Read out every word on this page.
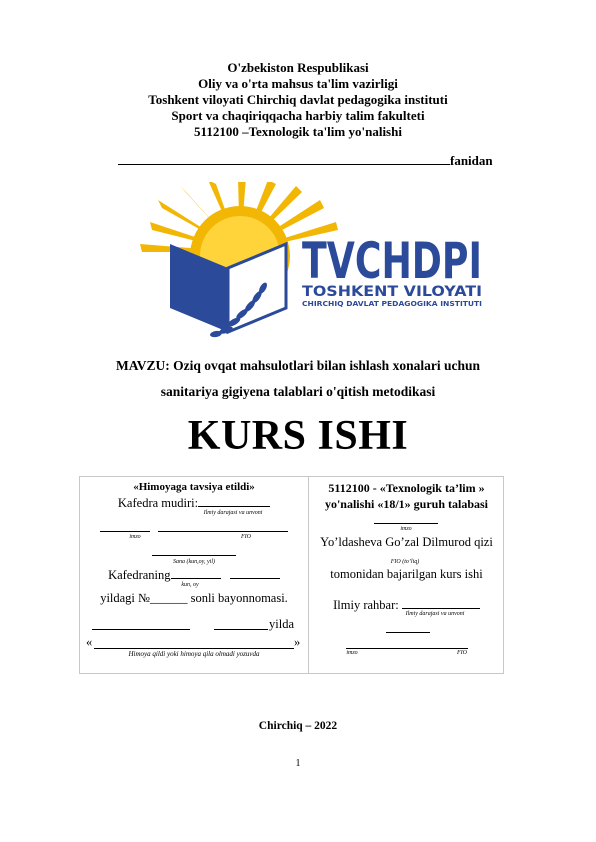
O'zbekiston Respublikasi
Oliy va o'rta mahsus ta'lim vazirligi
Toshkent viloyati Chirchiq davlat pedagogika instituti
Sport va chaqiriqqacha harbiy talim fakulteti
5112100 –Texnologik ta'lim yo'nalishi
fanidan
TVCHDPI
TOSHKENT VILOYATI
CHIRCHIQ DAVLAT PEDAGOGIKA INSTITUTI
MAVZU: Oziq ovqat mahsulotlari bilan ishlash xonalari uchun
sanitariya gigiyena talablari o'qitish metodikasi
KURS ISHI
«Himoyaga tavsiya etildi»
Kafedra mudiri:
Ilmiy darajasi va unvoni
imzo	FIO
Sana (kun,oy, yil)
Kafedraning
kun, oy
yildagi №______ sonli bayonnomasi.
yilda
«	»
Himoya qildi yoki himoya qila olmadi yozuvda
5112100 - «Texnologik ta’lim »
yo'nalishi «18/1» guruh talabasi
imzo
Yo’ldasheva Go’zal Dilmurod qizi
FIO (to’liq)
tomonidan bajarilgan kurs ishi
Ilmiy rahbar:
Ilmiy darajasi va unvoni
imzo	FIO
Chirchiq – 2022
1
